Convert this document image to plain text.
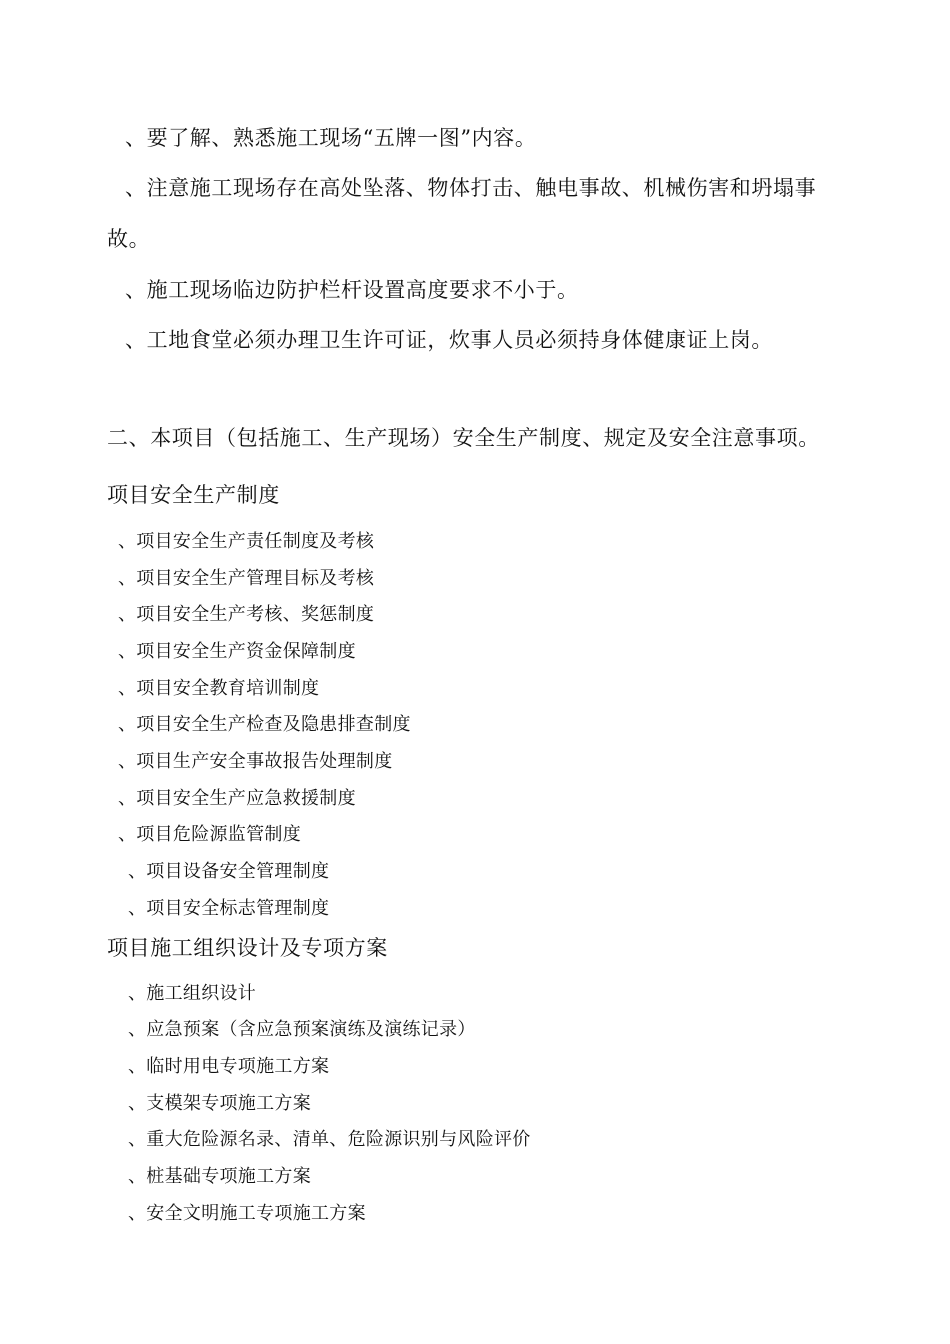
、要了解、熟悉施工现场“五牌一图”内容。
、注意施工现场存在高处坠落、物体打击、触电事故、机械伤害和坍塌事
故。
、施工现场临边防护栏杆设置高度要求不小于。
、工地食堂必须办理卫生许可证，炊事人员必须持身体健康证上岗。
二、本项目（包括施工、生产现场）安全生产制度、规定及安全注意事项。
项目安全生产制度
、项目安全生产责任制度及考核
、项目安全生产管理目标及考核
、项目安全生产考核、奖惩制度
、项目安全生产资金保障制度
、项目安全教育培训制度
、项目安全生产检查及隐患排查制度
、项目生产安全事故报告处理制度
、项目安全生产应急救援制度
、项目危险源监管制度
、项目设备安全管理制度
、项目安全标志管理制度
项目施工组织设计及专项方案
、施工组织设计
、应急预案（含应急预案演练及演练记录）
、临时用电专项施工方案
、支模架专项施工方案
、重大危险源名录、清单、危险源识别与风险评价
、桩基础专项施工方案
、安全文明施工专项施工方案
